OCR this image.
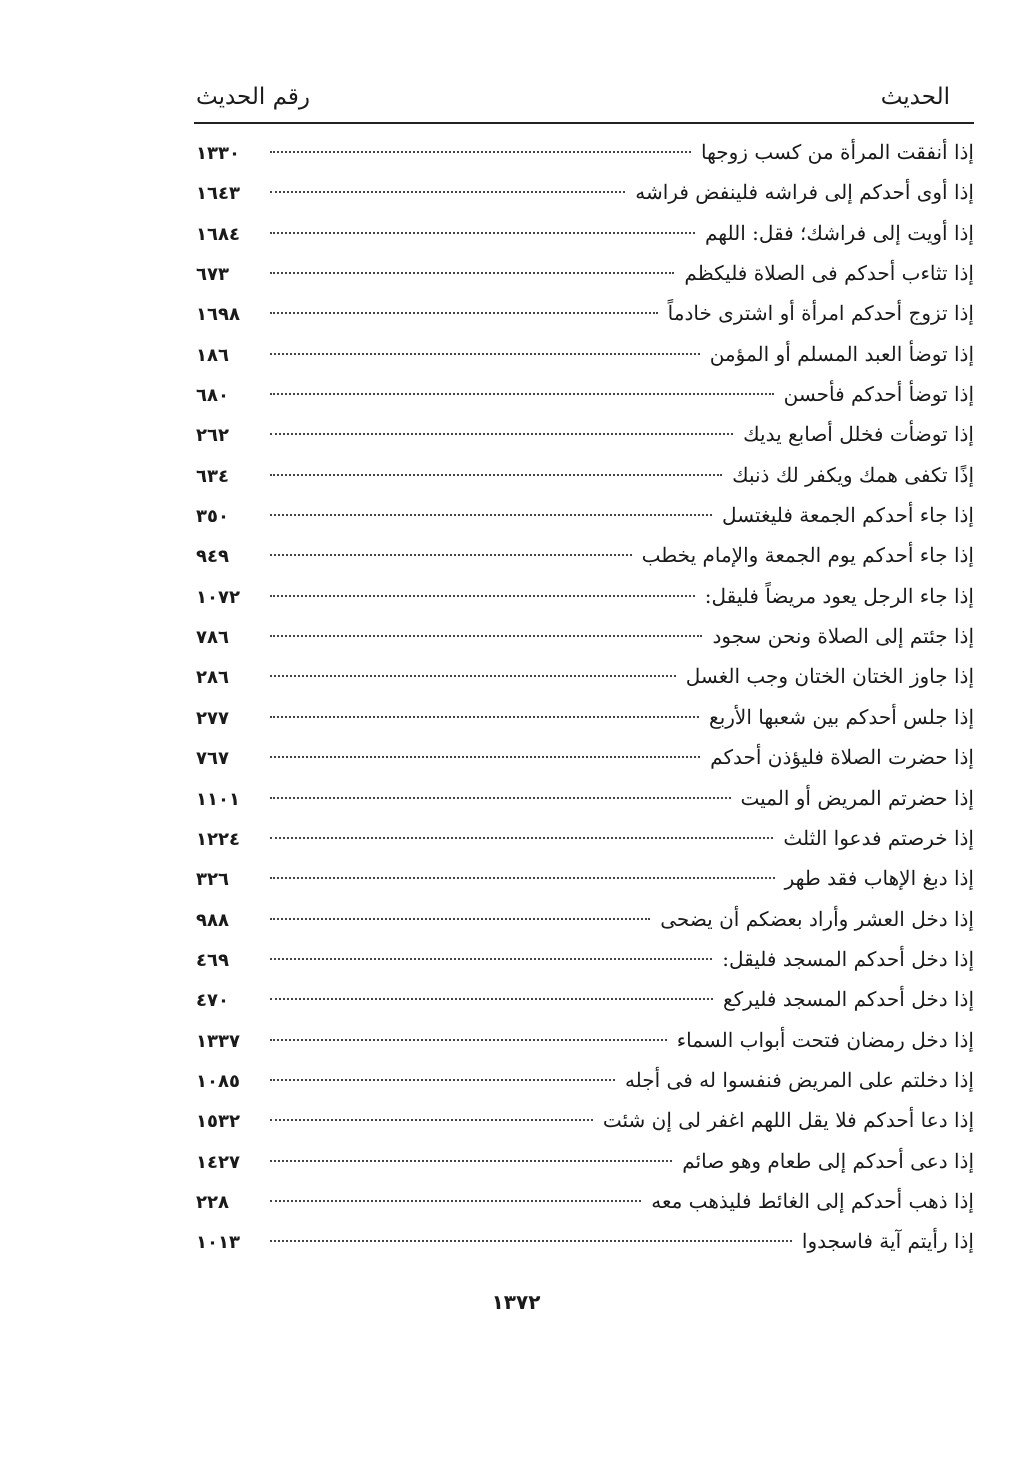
الحديث
رقم الحديث
إذا أنفقت المرأة من كسب زوجها
١٣٣٠
إذا أوى أحدكم إلى فراشه فلينفض فراشه
١٦٤٣
إذا أويت إلى فراشك؛ فقل: اللهم
١٦٨٤
إذا تثاءب أحدكم فى الصلاة فليكظم
٦٧٣
إذا تزوج أحدكم امرأة أو اشترى خادماً
١٦٩٨
إذا توضأ العبد المسلم أو المؤمن
١٨٦
إذا توضأ أحدكم فأحسن
٦٨٠
إذا توضأت فخلل أصابع يديك
٢٦٢
إذًا تكفى همك ويكفر لك ذنبك
٦٣٤
إذا جاء أحدكم الجمعة فليغتسل
٣٥٠
إذا جاء أحدكم يوم الجمعة والإمام يخطب
٩٤٩
إذا جاء الرجل يعود مريضاً فليقل:
١٠٧٢
إذا جئتم إلى الصلاة ونحن سجود
٧٨٦
إذا جاوز الختان الختان وجب الغسل
٢٨٦
إذا جلس أحدكم بين شعبها الأربع
٢٧٧
إذا حضرت الصلاة فليؤذن أحدكم
٧٦٧
إذا حضرتم المريض أو الميت
١١٠١
إذا خرصتم فدعوا الثلث
١٢٢٤
إذا دبغ الإهاب فقد طهر
٣٢٦
إذا دخل العشر وأراد بعضكم أن يضحى
٩٨٨
إذا دخل أحدكم المسجد فليقل:
٤٦٩
إذا دخل أحدكم المسجد فليركع
٤٧٠
إذا دخل رمضان فتحت أبواب السماء
١٣٣٧
إذا دخلتم على المريض فنفسوا له فى أجله
١٠٨٥
إذا دعا أحدكم فلا يقل اللهم اغفر لى إن شئت
١٥٣٢
إذا دعى أحدكم إلى طعام وهو صائم
١٤٢٧
إذا ذهب أحدكم إلى الغائط فليذهب معه
٢٢٨
إذا رأيتم آية فاسجدوا
١٠١٣
١٣٧٢
